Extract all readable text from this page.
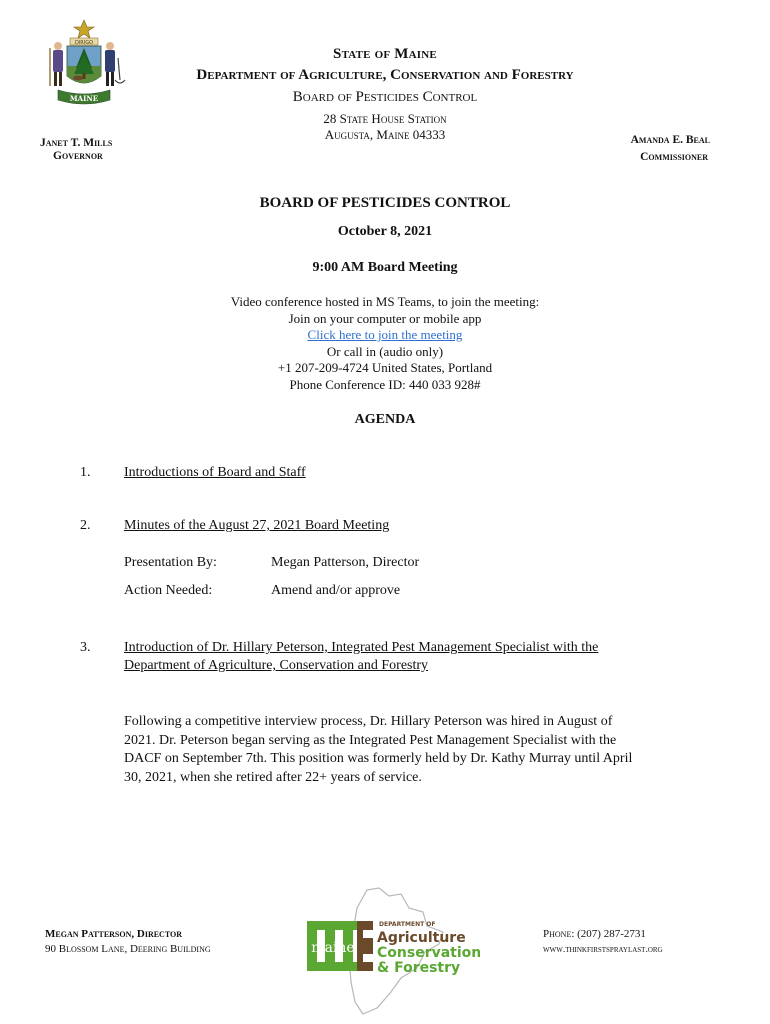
DIRIGO
MAINE
State of Maine
Department of Agriculture, Conservation and Forestry
Board of Pesticides Control
28 State House Station
Augusta, Maine 04333
Janet T. Mills
Governor
Amanda E. Beal
Commissioner
BOARD OF PESTICIDES CONTROL
October 8, 2021
9:00 AM Board Meeting
Video conference hosted in MS Teams, to join the meeting:
Join on your computer or mobile app
Click here to join the meeting
Or call in (audio only)
+1 207-209-4724 United States, Portland
Phone Conference ID: 440 033 928#
AGENDA
1. Introductions of Board and Staff
2. Minutes of the August 27, 2021 Board Meeting
Presentation By:	Megan Patterson, Director
Action Needed:	Amend and/or approve
3. Introduction of Dr. Hillary Peterson, Integrated Pest Management Specialist with the
Department of Agriculture, Conservation and Forestry
Following a competitive interview process, Dr. Hillary Peterson was hired in August of
2021. Dr. Peterson began serving as the Integrated Pest Management Specialist with the
DACF on September 7th. This position was formerly held by Dr. Kathy Murray until April
30, 2021, when she retired after 22+ years of service.
Megan Patterson, Director
90 Blossom Lane, Deering Building
Phone: (207) 287-2731
www.thinkfirstspraylast.org
maine
DEPARTMENT OF
Agriculture
Conservation
& Forestry
